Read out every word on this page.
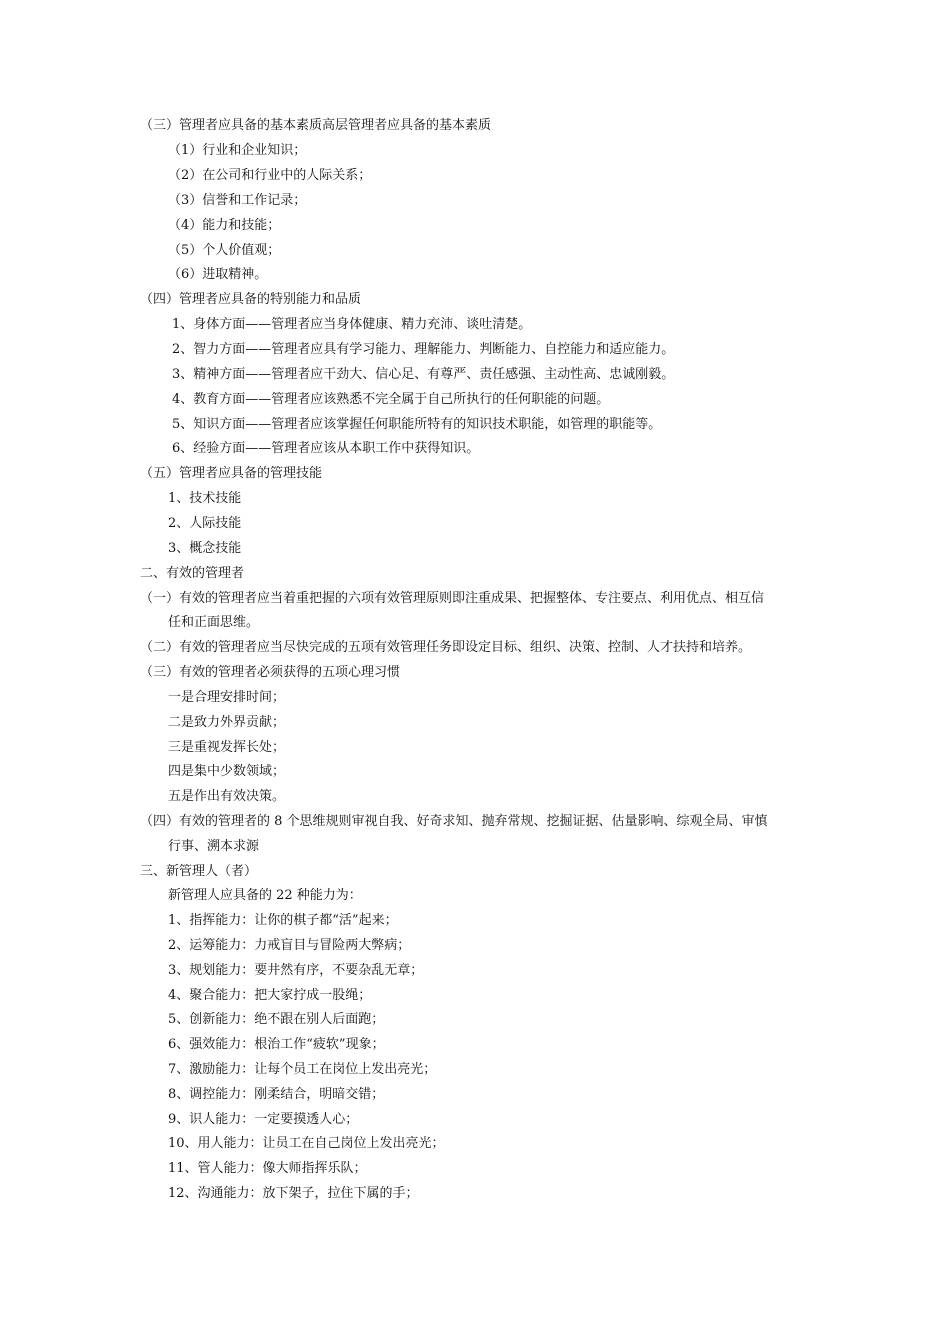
（三）管理者应具备的基本素质高层管理者应具备的基本素质
（1）行业和企业知识；
（2）在公司和行业中的人际关系；
（3）信誉和工作记录；
（4）能力和技能；
（5）个人价值观；
（6）进取精神。
（四）管理者应具备的特别能力和品质
1、身体方面——管理者应当身体健康、精力充沛、谈吐清楚。
2、智力方面——管理者应具有学习能力、理解能力、判断能力、自控能力和适应能力。
3、精神方面——管理者应干劲大、信心足、有尊严、责任感强、主动性高、忠诚刚毅。
4、教育方面——管理者应该熟悉不完全属于自己所执行的任何职能的问题。
5、知识方面——管理者应该掌握任何职能所特有的知识技术职能，如管理的职能等。
6、经验方面——管理者应该从本职工作中获得知识。
（五）管理者应具备的管理技能
1、技术技能
2、人际技能
3、概念技能
二、有效的管理者
（一）有效的管理者应当着重把握的六项有效管理原则即注重成果、把握整体、专注要点、利用优点、相互信
任和正面思维。
（二）有效的管理者应当尽快完成的五项有效管理任务即设定目标、组织、决策、控制、人才扶持和培养。
（三）有效的管理者必须获得的五项心理习惯
一是合理安排时间；
二是致力外界贡献；
三是重视发挥长处；
四是集中少数领域；
五是作出有效决策。
（四）有效的管理者的 8 个思维规则审视自我、好奇求知、抛弃常规、挖掘证据、估量影响、综观全局、审慎
行事、溯本求源
三、新管理人（者）
新管理人应具备的 22 种能力为：
1、指挥能力：让你的棋子都“活”起来；
2、运筹能力：力戒盲目与冒险两大弊病；
3、规划能力：要井然有序，不要杂乱无章；
4、聚合能力：把大家拧成一股绳；
5、创新能力：绝不跟在别人后面跑；
6、强效能力：根治工作“疲软”现象；
7、激励能力：让每个员工在岗位上发出亮光；
8、调控能力：刚柔结合，明暗交错；
9、识人能力：一定要摸透人心；
10、用人能力：让员工在自己岗位上发出亮光；
11、管人能力：像大师指挥乐队；
12、沟通能力：放下架子，拉住下属的手；
